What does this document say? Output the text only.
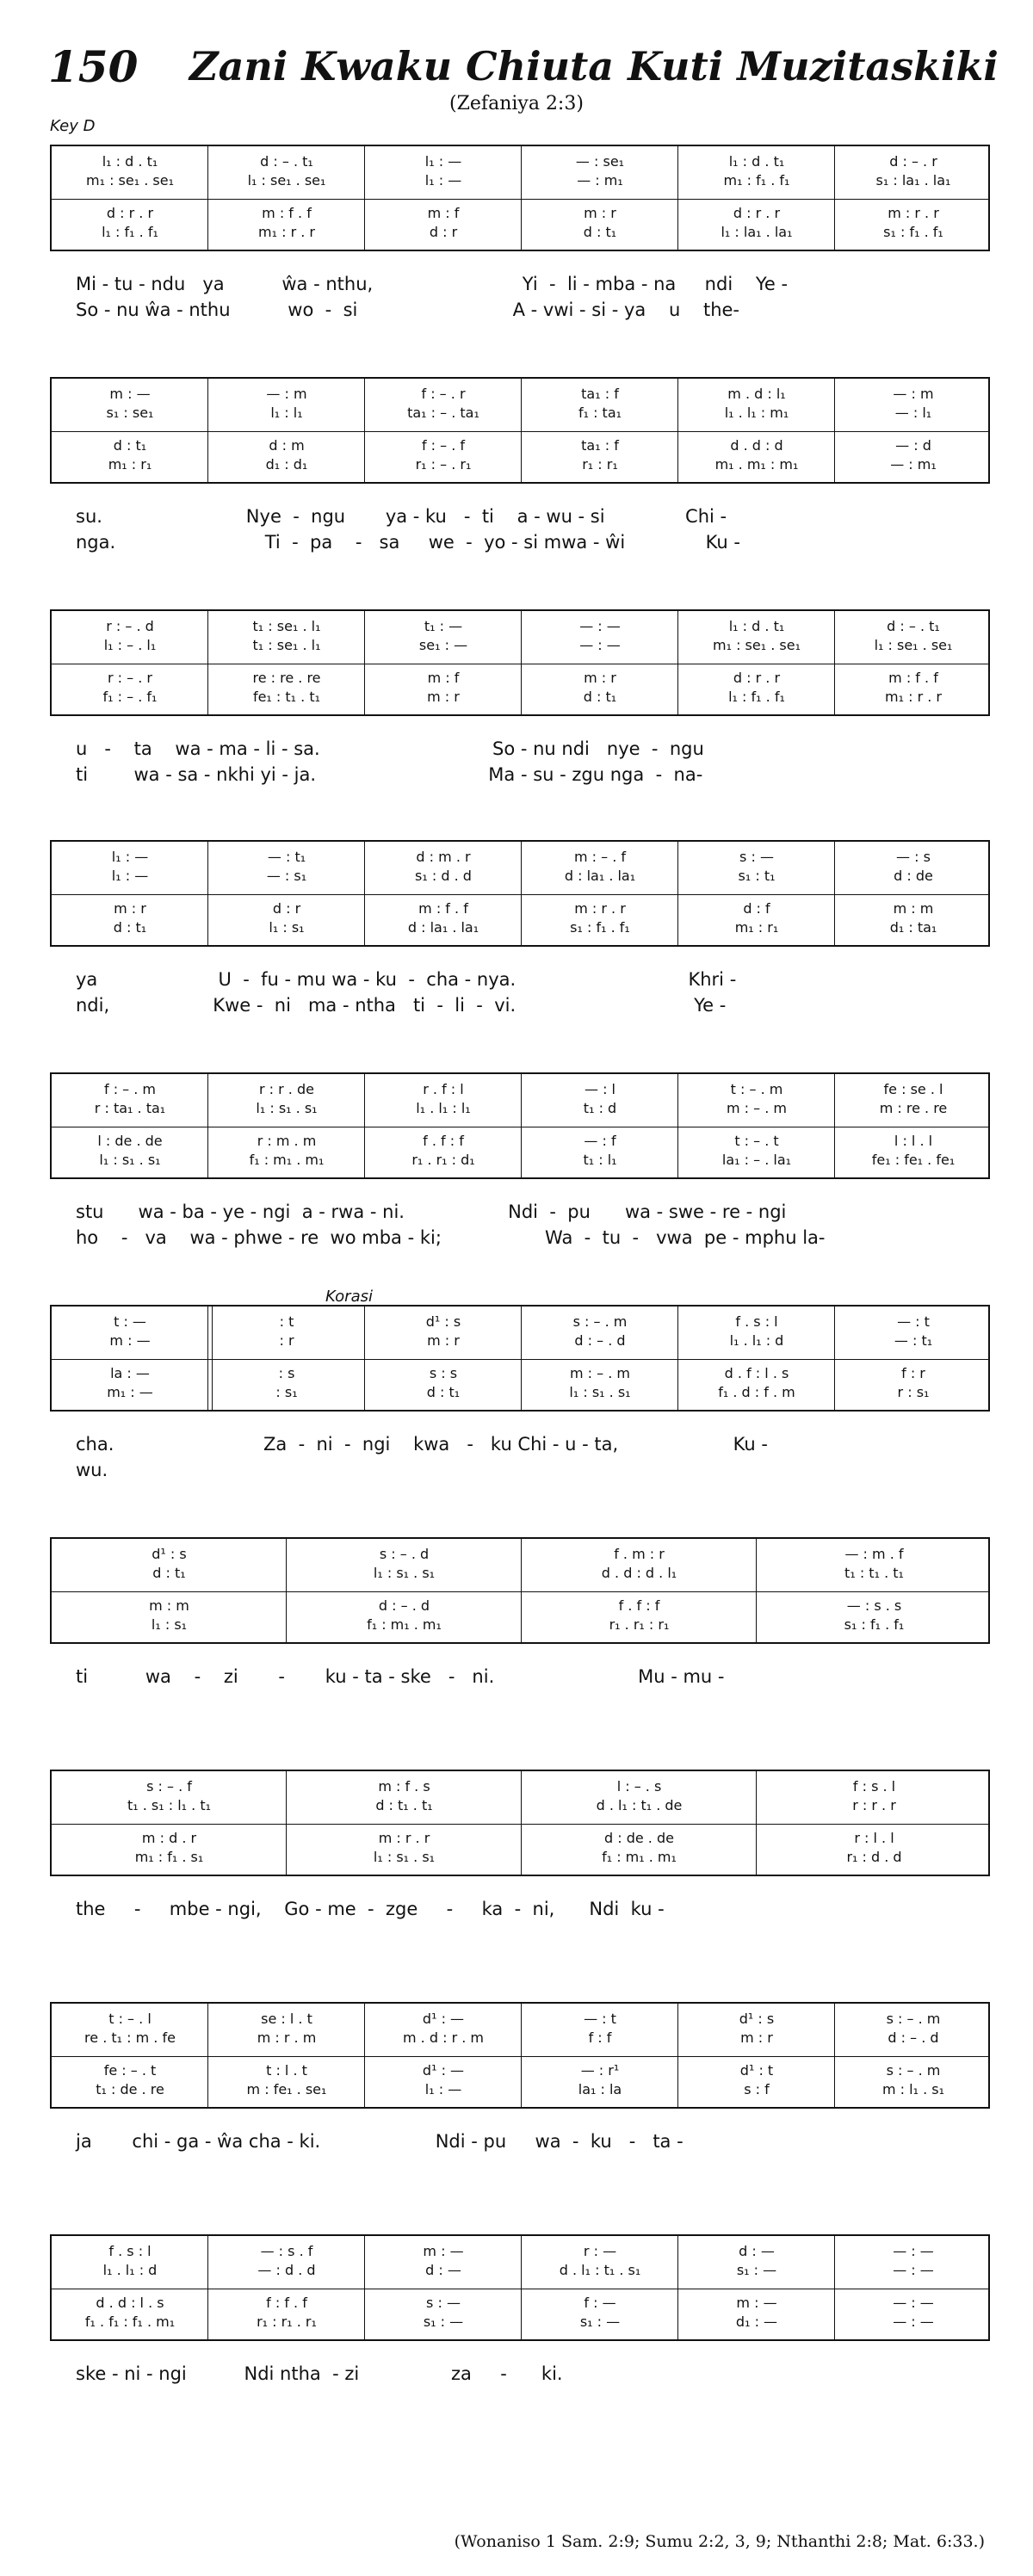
150 Zani Kwaku Chiuta Kuti Muzitaskiki
(Zefaniya 2:3)
Key D
l₁ : d . t₁	d : – . t₁	l₁ : —	— : se₁	l₁ : d . t₁	d : – . r
m₁ : se₁ . se₁	l₁ : se₁ . se₁	l₁ : —	— : m₁	m₁ : f₁ . f₁	s₁ : la₁ . la₁
d : r . r	m : f . f	m : f	m : r	d : r . r	m : r . r
l₁ : f₁ . f₁	m₁ : r . r	d : r	d : t₁	l₁ : la₁ . la₁	s₁ : f₁ . f₁
Mi - tu - ndu   ya          ŵa - nthu,                          Yi  -  li - mba - na     ndi    Ye -
So - nu ŵa - nthu          wo  -  si                           A - vwi - si - ya    u    the-
m : —	— : m	f : – . r	ta₁ : f	m . d : l₁	— : m
s₁ : se₁	l₁ : l₁	ta₁ : – . ta₁	f₁ : ta₁	l₁ . l₁ : m₁	— : l₁
d : t₁	d : m	f : – . f	ta₁ : f	d . d : d	— : d
m₁ : r₁	d₁ : d₁	r₁ : – . r₁	r₁ : r₁	m₁ . m₁ : m₁	— : m₁
su.                         Nye  -  ngu       ya - ku   -  ti    a - wu - si              Chi -
nga.                          Ti  -  pa    -   sa     we  -  yo - si mwa - ŵi              Ku -
r : – . d	t₁ : se₁ . l₁	t₁ : —	— : —	l₁ : d . t₁	d : – . t₁
l₁ : – . l₁	t₁ : se₁ . l₁	se₁ : —	— : —	m₁ : se₁ . se₁	l₁ : se₁ . se₁
r : – . r	re : re . re	m : f	m : r	d : r . r	m : f . f
f₁ : – . f₁	fe₁ : t₁ . t₁	m : r	d : t₁	l₁ : f₁ . f₁	m₁ : r . r
u   -    ta    wa - ma - li - sa.                              So - nu ndi   nye  -  ngu
ti        wa - sa - nkhi yi - ja.                              Ma - su - zgu nga  -  na-
l₁ : —	— : t₁	d : m . r	m : – . f	s : —	— : s
l₁ : —	— : s₁	s₁ : d . d	d : la₁ . la₁	s₁ : t₁	d : de
m : r	d : r	m : f . f	m : r . r	d : f	m : m
d : t₁	l₁ : s₁	d : la₁ . la₁	s₁ : f₁ . f₁	m₁ : r₁	d₁ : ta₁
ya                     U  -  fu - mu wa - ku  -  cha - nya.                              Khri -
ndi,                  Kwe -  ni   ma - ntha   ti  -  li  -  vi.                               Ye -
f : – . m	r : r . de	r . f : l	— : l	t : – . m	fe : se . l
r : ta₁ . ta₁	l₁ : s₁ . s₁	l₁ . l₁ : l₁	t₁ : d	m : – . m	m : re . re
l : de . de	r : m . m	f . f : f	— : f	t : – . t	l : l . l
l₁ : s₁ . s₁	f₁ : m₁ . m₁	r₁ . r₁ : d₁	t₁ : l₁	la₁ : – . la₁	fe₁ : fe₁ . fe₁
stu      wa - ba - ye - ngi  a - rwa - ni.                  Ndi  -  pu      wa - swe - re - ngi
ho    -   va    wa - phwe - re  wo mba - ki;                  Wa  -  tu  -   vwa  pe - mphu la-
Korasi
t : —	: t	d¹ : s	s : – . m	f . s : l	— : t
m : —	: r	m : r	d : – . d	l₁ . l₁ : d	— : t₁
la : —	: s	s : s	m : – . m	d . f : l . s	f : r
m₁ : —	: s₁	d : t₁	l₁ : s₁ . s₁	f₁ . d : f . m	r : s₁
cha.                          Za  -  ni  -  ngi    kwa   -   ku Chi - u - ta,                    Ku -
wu.
d¹ : s	s : – . d	f . m : r	— : m . f
d : t₁	l₁ : s₁ . s₁	d . d : d . l₁	t₁ : t₁ . t₁
m : m	d : – . d	f . f : f	— : s . s
l₁ : s₁	f₁ : m₁ . m₁	r₁ . r₁ : r₁	s₁ : f₁ . f₁
ti          wa    -    zi       -       ku - ta - ske   -   ni.                         Mu - mu -
s : – . f	m : f . s	l : – . s	f : s . l
t₁ . s₁ : l₁ . t₁	d : t₁ . t₁	d . l₁ : t₁ . de	r : r . r
m : d . r	m : r . r	d : de . de	r : l . l
m₁ : f₁ . s₁	l₁ : s₁ . s₁	f₁ : m₁ . m₁	r₁ : d . d
the     -     mbe - ngi,    Go - me  -  zge     -     ka  -  ni,      Ndi  ku -
t : – . l	se : l . t	d¹ : —	— : t	d¹ : s	s : – . m
re . t₁ : m . fe	m : r . m	m . d : r . m	f : f	m : r	d : – . d
fe : – . t	t : l . t	d¹ : —	— : r¹	d¹ : t	s : – . m
t₁ : de . re	m : fe₁ . se₁	l₁ : —	la₁ : la	s : f	m : l₁ . s₁
ja       chi - ga - ŵa cha - ki.                    Ndi - pu     wa  -  ku   -   ta -
f . s : l	— : s . f	m : —	r : —	d : —	— : —
l₁ . l₁ : d	— : d . d	d : —	d . l₁ : t₁ . s₁	s₁ : —	— : —
d . d : l . s	f : f . f	s : —	f : —	m : —	— : —
f₁ . f₁ : f₁ . m₁	r₁ : r₁ . r₁	s₁ : —	s₁ : —	d₁ : —	— : —
ske - ni - ngi          Ndi ntha  - zi                za     -      ki.
(Wonaniso 1 Sam. 2:9; Sumu 2:2, 3, 9; Nthanthi 2:8; Mat. 6:33.)
